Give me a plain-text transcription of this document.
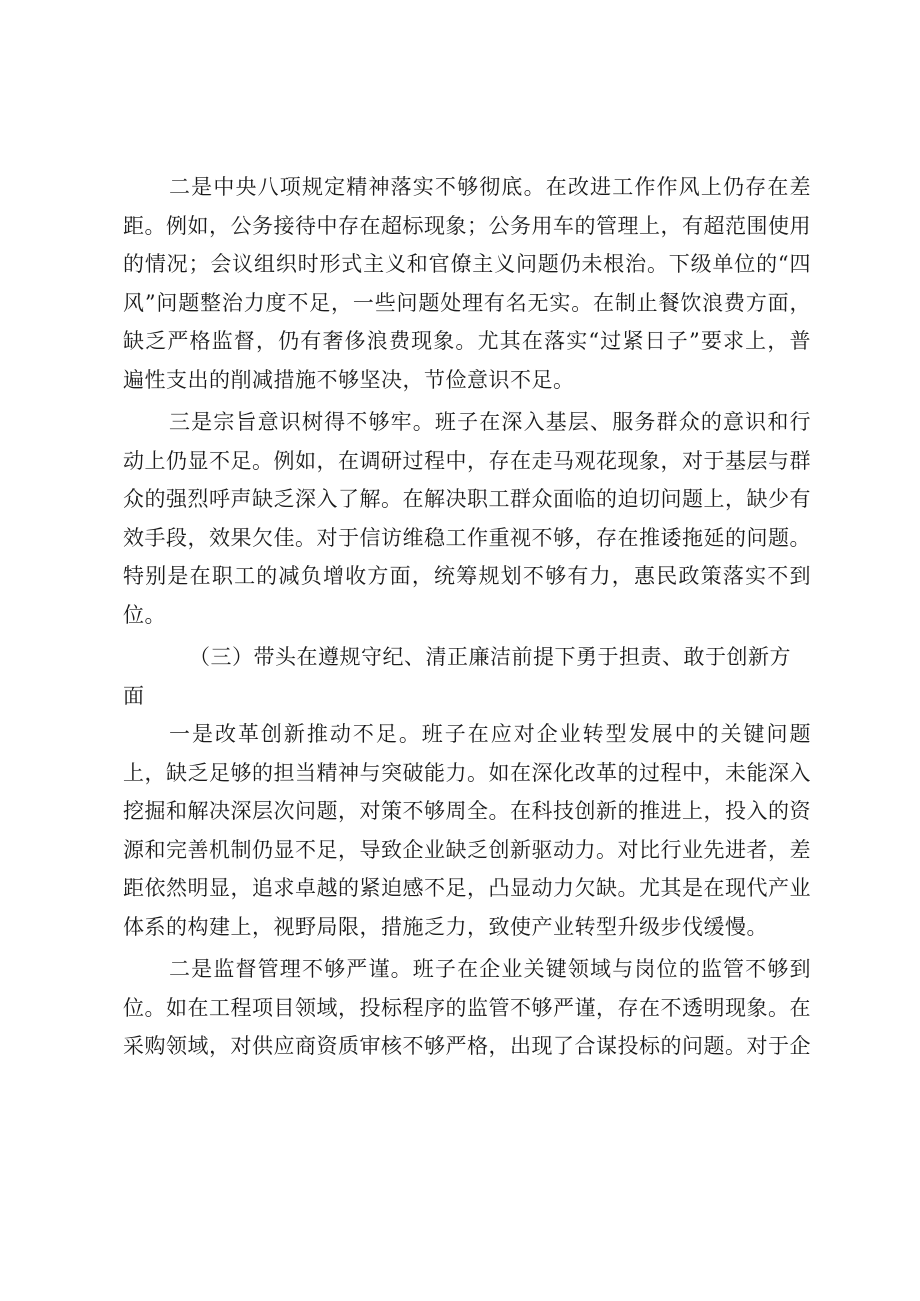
二是中央八项规定精神落实不够彻底。在改进工作作风上仍存在差距。例如，公务接待中存在超标现象；公务用车的管理上，有超范围使用的情况；会议组织时形式主义和官僚主义问题仍未根治。下级单位的“四风”问题整治力度不足，一些问题处理有名无实。在制止餐饮浪费方面，缺乏严格监督，仍有奢侈浪费现象。尤其在落实“过紧日子”要求上，普遍性支出的削减措施不够坚决，节俭意识不足。

三是宗旨意识树得不够牢。班子在深入基层、服务群众的意识和行动上仍显不足。例如，在调研过程中，存在走马观花现象，对于基层与群众的强烈呼声缺乏深入了解。在解决职工群众面临的迫切问题上，缺少有效手段，效果欠佳。对于信访维稳工作重视不够，存在推诿拖延的问题。特别是在职工的减负增收方面，统筹规划不够有力，惠民政策落实不到位。

（三）带头在遵规守纪、清正廉洁前提下勇于担责、敢于创新方面

一是改革创新推动不足。班子在应对企业转型发展中的关键问题上，缺乏足够的担当精神与突破能力。如在深化改革的过程中，未能深入挖掘和解决深层次问题，对策不够周全。在科技创新的推进上，投入的资源和完善机制仍显不足，导致企业缺乏创新驱动力。对比行业先进者，差距依然明显，追求卓越的紧迫感不足，凸显动力欠缺。尤其是在现代产业体系的构建上，视野局限，措施乏力，致使产业转型升级步伐缓慢。

二是监督管理不够严谨。班子在企业关键领域与岗位的监管不够到位。如在工程项目领域，投标程序的监管不够严谨，存在不透明现象。在采购领域，对供应商资质审核不够严格，出现了合谋投标的问题。对于企
